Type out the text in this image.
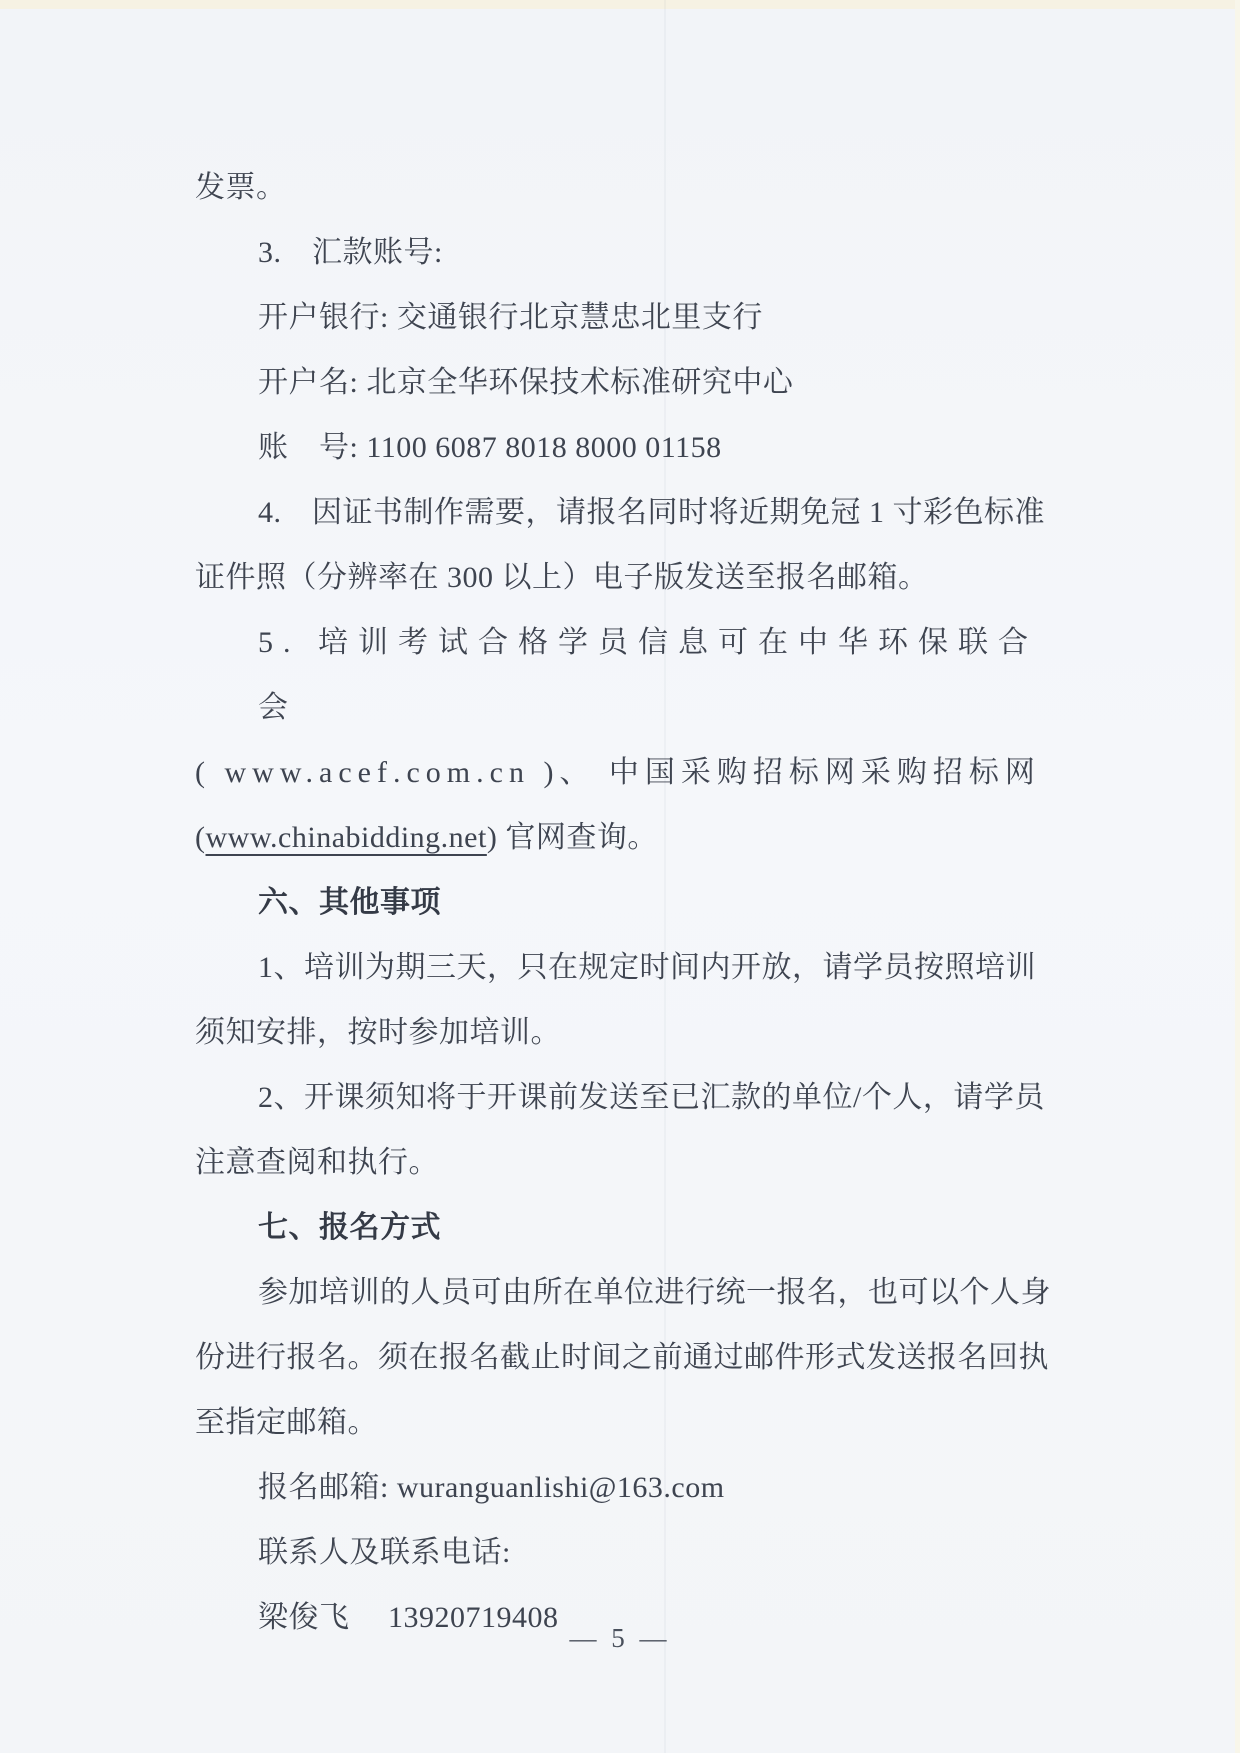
发票。
3.　汇款账号:
开户银行: 交通银行北京慧忠北里支行
开户名: 北京全华环保技术标准研究中心
账　号: 1100 6087 8018 8000 01158
4.　因证书制作需要，请报名同时将近期免冠 1 寸彩色标准
证件照（分辨率在 300 以上）电子版发送至报名邮箱。
5. 培训考试合格学员信息可在中华环保联合会
( www.acef.com.cn )、 中国采购招标网采购招标网
(www.chinabidding.net) 官网查询。
六、其他事项
1、培训为期三天，只在规定时间内开放，请学员按照培训
须知安排，按时参加培训。
2、开课须知将于开课前发送至已汇款的单位/个人，请学员
注意查阅和执行。
七、报名方式
参加培训的人员可由所在单位进行统一报名，也可以个人身
份进行报名。须在报名截止时间之前通过邮件形式发送报名回执
至指定邮箱。
报名邮箱: wuranguanlishi@163.com
联系人及联系电话:
梁俊飞　 13920719408
— 5 —
